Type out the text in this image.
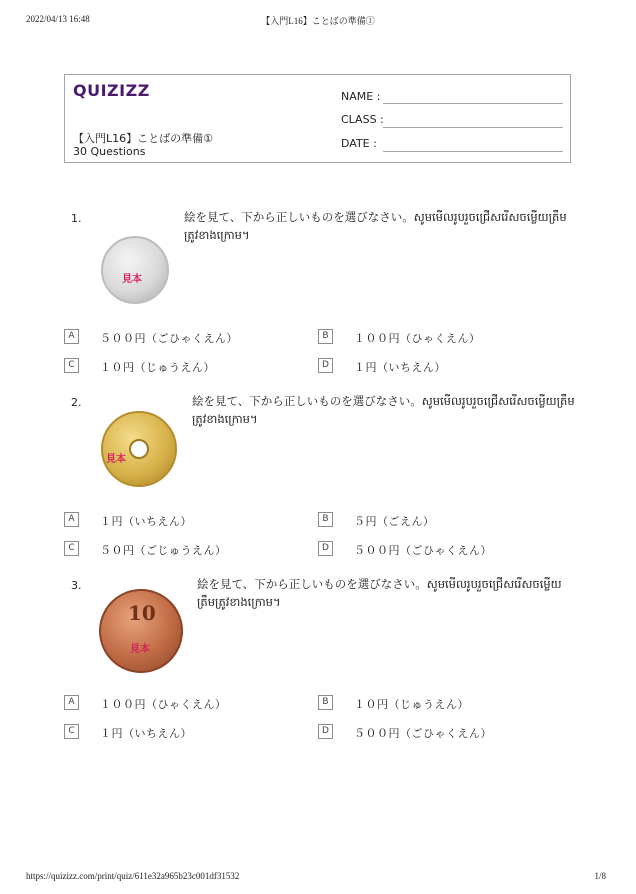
2022/04/13 16:48	【入門L16】ことばの準備①
QUIZIZZ
【入門L16】ことばの準備①
30 Questions
NAME :
CLASS :
DATE :
1.	絵を見て、下から正しいものを選びなさい。សូមមើលរូបរួចជ្រើសរើសចម្លើយត្រឹមត្រូវខាងក្រោម។
見本
A	５００円（ごひゃくえん）	B	１００円（ひゃくえん）
C	１０円（じゅうえん）	D	１円（いちえん）
2.	絵を見て、下から正しいものを選びなさい。សូមមើលរូបរួចជ្រើសរើសចម្លើយត្រឹមត្រូវខាងក្រោម។
見本
A	１円（いちえん）	B	５円（ごえん）
C	５０円（ごじゅうえん）	D	５００円（ごひゃくえん）
3.	絵を見て、下から正しいものを選びなさい。សូមមើលរូបរួចជ្រើសរើសចម្លើយត្រឹមត្រូវខាងក្រោម។
10
見本
A	１００円（ひゃくえん）	B	１０円（じゅうえん）
C	１円（いちえん）	D	５００円（ごひゃくえん）
https://quizizz.com/print/quiz/611e32a965b23c001df31532	1/8
